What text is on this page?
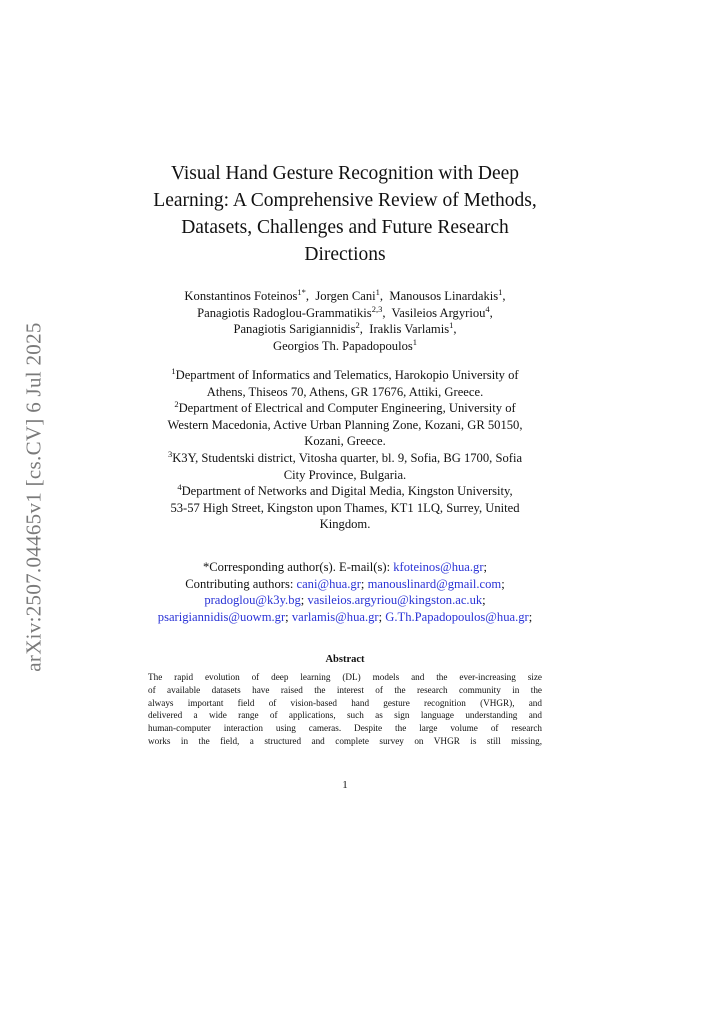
arXiv:2507.04465v1 [cs.CV] 6 Jul 2025
Visual Hand Gesture Recognition with Deep
Learning: A Comprehensive Review of Methods,
Datasets, Challenges and Future Research
Directions
Konstantinos Foteinos$^{1*}$,  Jorgen Cani$^1$,  Manousos Linardakis$^1$,
Panagiotis Radoglou-Grammatikis$^{2,3}$,  Vasileios Argyriou$^4$,
Panagiotis Sarigiannidis$^2$,  Iraklis Varlamis$^1$,
Georgios Th. Papadopoulos$^1$
$^1$Department of Informatics and Telematics, Harokopio University of
Athens, Thiseos 70, Athens, GR 17676, Attiki, Greece.
$^2$Department of Electrical and Computer Engineering, University of
Western Macedonia, Active Urban Planning Zone, Kozani, GR 50150,
Kozani, Greece.
$^3$K3Y, Studentski district, Vitosha quarter, bl. 9, Sofia, BG 1700, Sofia
City Province, Bulgaria.
$^4$Department of Networks and Digital Media, Kingston University,
53-57 High Street, Kingston upon Thames, KT1 1LQ, Surrey, United
Kingdom.
*Corresponding author(s). E-mail(s): kfoteinos@hua.gr;
Contributing authors: cani@hua.gr; manouslinard@gmail.com;
pradoglou@k3y.bg; vasileios.argyriou@kingston.ac.uk;
psarigiannidis@uowm.gr; varlamis@hua.gr; G.Th.Papadopoulos@hua.gr;
Abstract
The rapid evolution of deep learning (DL) models and the ever-increasing size
of available datasets have raised the interest of the research community in the
always important field of vision-based hand gesture recognition (VHGR), and
delivered a wide range of applications, such as sign language understanding and
human-computer interaction using cameras. Despite the large volume of research
works in the field, a structured and complete survey on VHGR is still missing,
1
